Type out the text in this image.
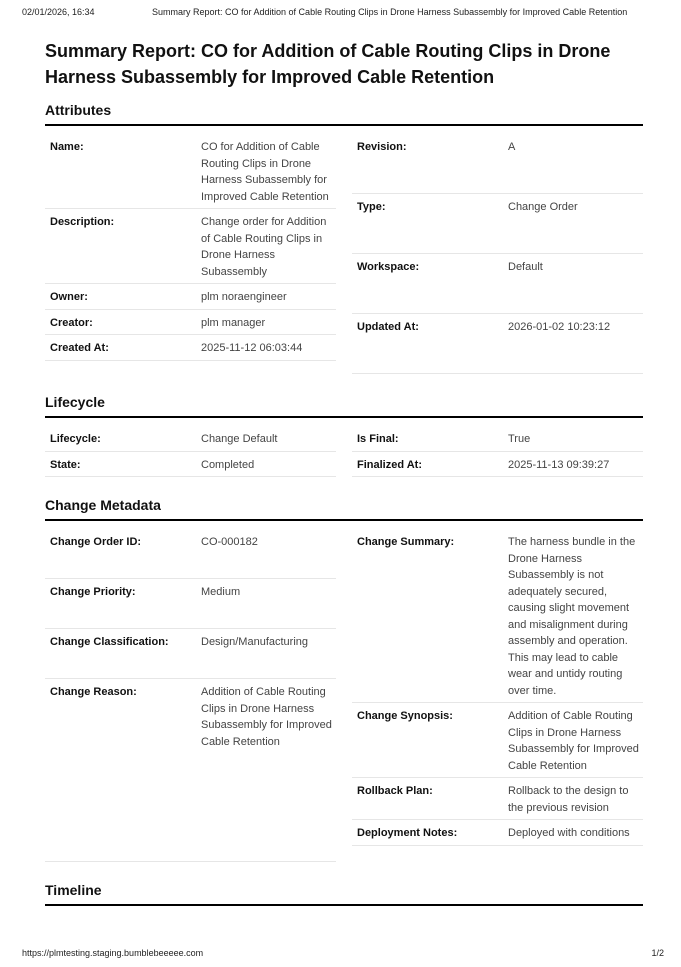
02/01/2026, 16:34	Summary Report: CO for Addition of Cable Routing Clips in Drone Harness Subassembly for Improved Cable Retention
Summary Report: CO for Addition of Cable Routing Clips in Drone Harness Subassembly for Improved Cable Retention
Attributes
Name:	CO for Addition of Cable Routing Clips in Drone Harness Subassembly for Improved Cable Retention
Description:	Change order for Addition of Cable Routing Clips in Drone Harness Subassembly
Owner:	plm noraengineer
Creator:	plm manager
Created At:	2025-11-12 06:03:44
Revision:	A
Type:	Change Order
Workspace:	Default
Updated At:	2026-01-02 10:23:12
Lifecycle
Lifecycle:	Change Default
State:	Completed
Is Final:	True
Finalized At:	2025-11-13 09:39:27
Change Metadata
Change Order ID:	CO-000182
Change Priority:	Medium
Change Classification:	Design/Manufacturing
Change Reason:	Addition of Cable Routing Clips in Drone Harness Subassembly for Improved Cable Retention
Change Summary:	The harness bundle in the Drone Harness Subassembly is not adequately secured, causing slight movement and misalignment during assembly and operation. This may lead to cable wear and untidy routing over time.
Change Synopsis:	Addition of Cable Routing Clips in Drone Harness Subassembly for Improved Cable Retention
Rollback Plan:	Rollback to the design to the previous revision
Deployment Notes:	Deployed with conditions
Timeline
https://plmtesting.staging.bumblebeeeee.com	1/2
